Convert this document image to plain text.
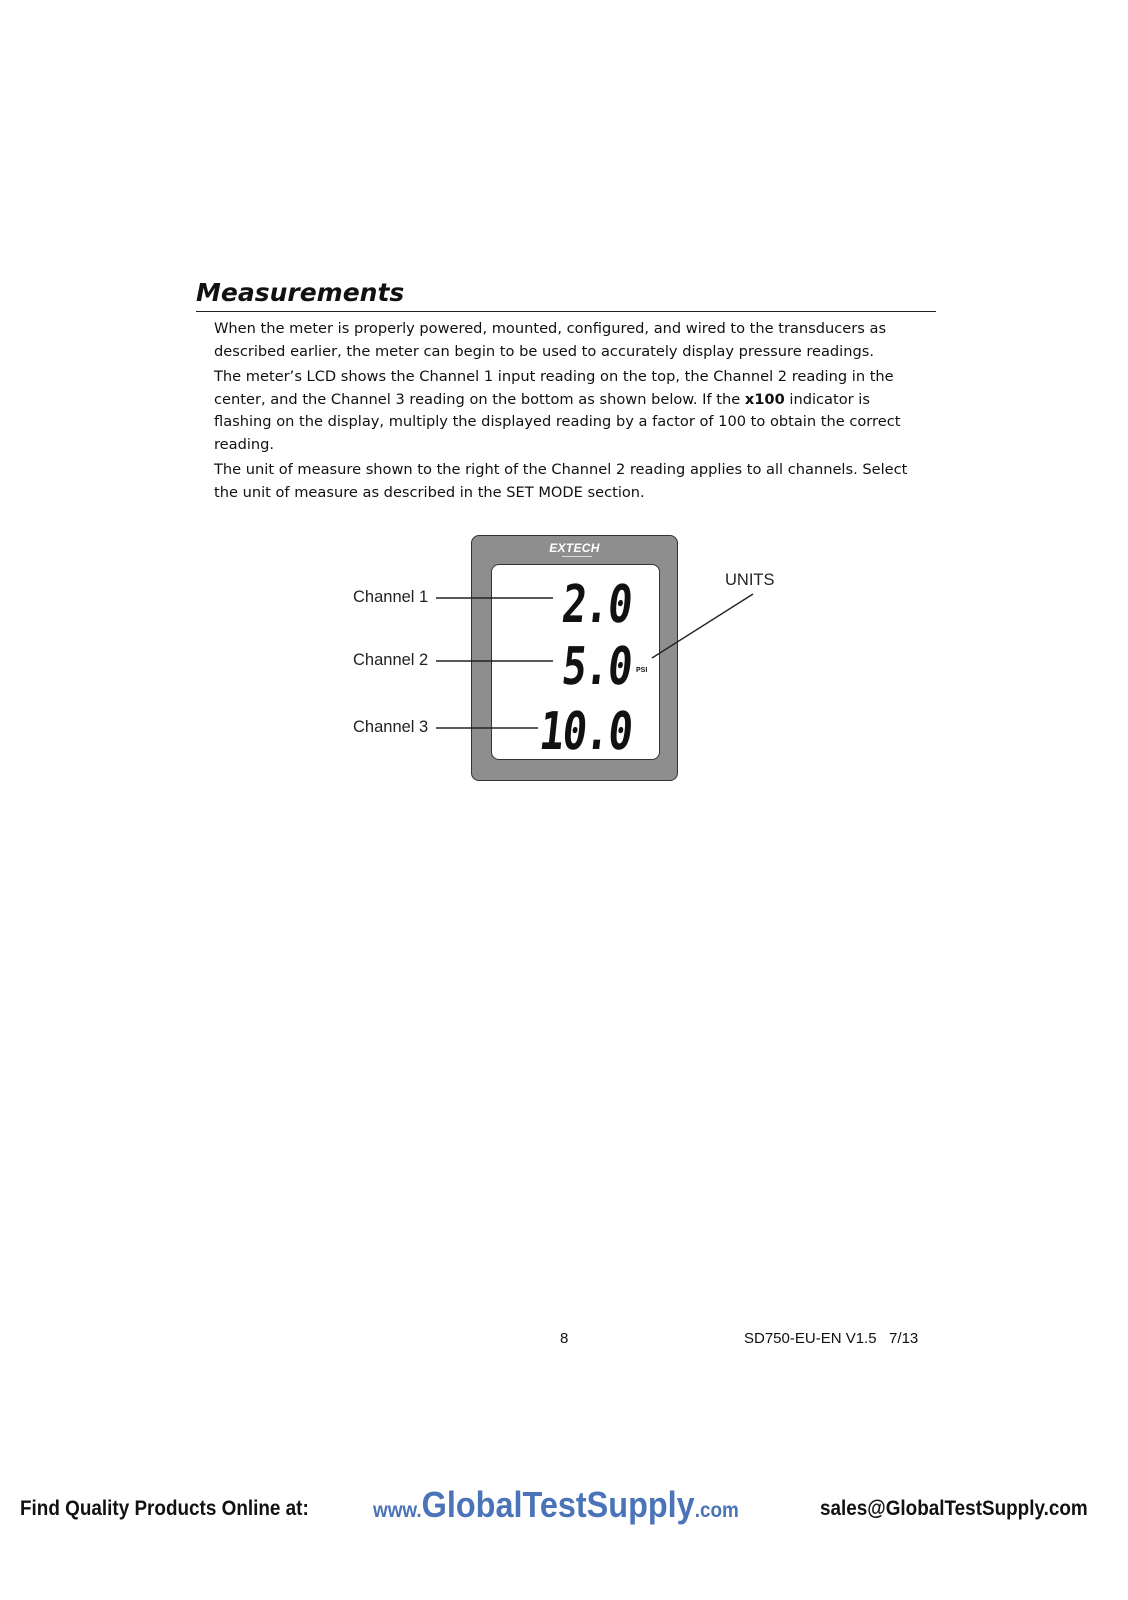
Measurements

When the meter is properly powered, mounted, configured, and wired to the transducers as described earlier, the meter can begin to be used to accurately display pressure readings.

The meter’s LCD shows the Channel 1 input reading on the top, the Channel 2 reading in the center, and the Channel 3 reading on the bottom as shown below. If the x100 indicator is flashing on the display, multiply the displayed reading by a factor of 100 to obtain the correct reading.

The unit of measure shown to the right of the Channel 2 reading applies to all channels. Select the unit of measure as described in the SET MODE section.

EXTECH
2.0
5.0 PSI
10.0
Channel 1
Channel 2
Channel 3
UNITS
8	SD750-EU-EN V1.5   7/13
Find Quality Products Online at:	www.GlobalTestSupply.com	sales@GlobalTestSupply.com
